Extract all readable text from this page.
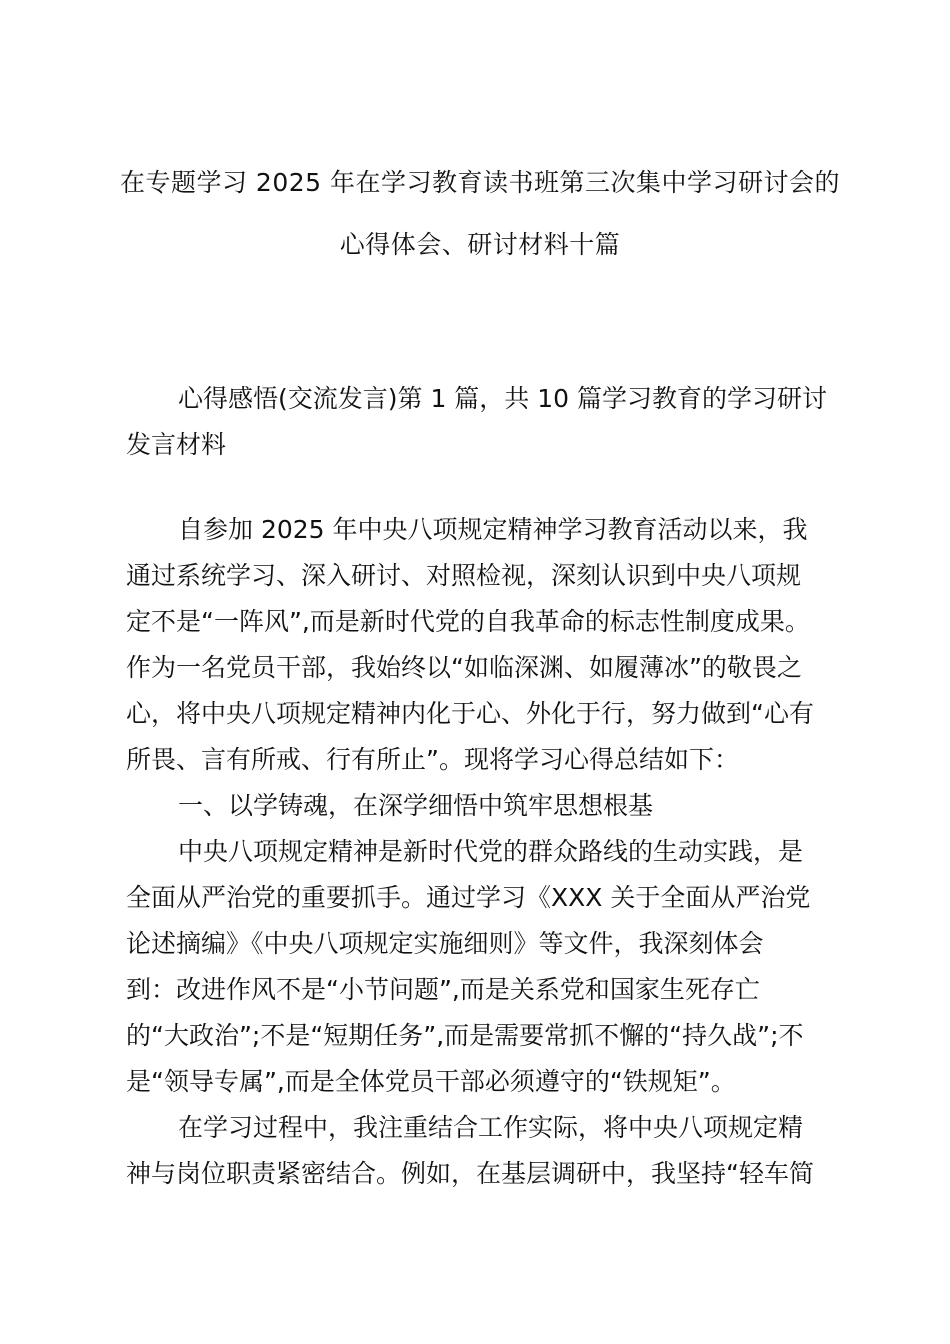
在专题学习 2025 年在学习教育读书班第三次集中学习研讨会的
心得体会、研讨材料十篇
心得感悟(交流发言)第 1 篇，共 10 篇学习教育的学习研讨
发言材料
自参加 2025 年中央八项规定精神学习教育活动以来，我
通过系统学习、深入研讨、对照检视，深刻认识到中央八项规
定不是“一阵风”,而是新时代党的自我革命的标志性制度成果。
作为一名党员干部，我始终以“如临深渊、如履薄冰”的敬畏之
心，将中央八项规定精神内化于心、外化于行，努力做到“心有
所畏、言有所戒、行有所止”。现将学习心得总结如下：
一、以学铸魂，在深学细悟中筑牢思想根基
中央八项规定精神是新时代党的群众路线的生动实践，是
全面从严治党的重要抓手。通过学习《XXX 关于全面从严治党
论述摘编》《中央八项规定实施细则》等文件，我深刻体会
到：改进作风不是“小节问题”,而是关系党和国家生死存亡
的“大政治”;不是“短期任务”,而是需要常抓不懈的“持久战”;不
是“领导专属”,而是全体党员干部必须遵守的“铁规矩”。
在学习过程中，我注重结合工作实际，将中央八项规定精
神与岗位职责紧密结合。例如，在基层调研中，我坚持“轻车简
